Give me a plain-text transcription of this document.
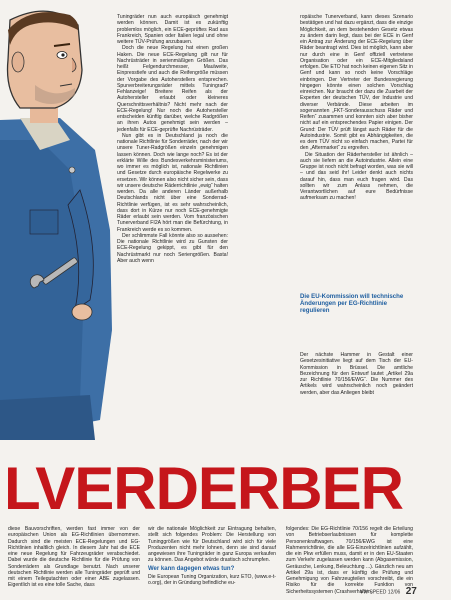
Tuningräder nun auch europäisch genehmigt werden können. Damit ist es zukünftig problemlos möglich, ein ECE-geprüftes Rad aus Frankreich, Spanien oder Italien legal und ohne weitere TÜV-Prüfung anzubauen.

Doch die neue Regelung hat einen großen Haken. Die neue ECE-Regelung gilt nur für Nachrüsträder in serienmäßigen Größen. Das heißt Felgendurchmesser, Maulweite, Einpresstiefe und auch die Reifengröße müssen der Vorgabe des Autoherstellers entsprechen. Spurverbreiterungsräder mittels Tuningrad? Fehlanzeige! Breitere Reifen als der Autohersteller erlaubt oder kleineres Querschnittsverhältnis? Nicht mehr nach der ECE-Regelung! Nur noch die Autohersteller entscheiden künftig darüber, welche Radgrößen an ihren Autos genehmigt sein werden – jedenfalls für ECE-geprüfte Nachrüsträder.

Nun gibt es in Deutschland ja noch die nationale Richtlinie für Sonderräder, nach der wir unsere Tuner-Radgrößen einzeln genehmigen lassen können. Doch wie lange noch? Es ist der erklärte Wille des Bundesverkehrsministeriums, wo immer es möglich ist, nationale Richtlinien und Gesetze durch europäische Regelwerke zu ersetzen. Wir können also nicht sicher sein, dass wir unsere deutsche Räderrichtlinie „ewig“ halten werden. Da alle anderen Länder außerhalb Deutschlands nicht über eine Sonderrad-Richtlinie verfügen, ist es sehr wahrscheinlich, dass dort in Kürze nur noch ECE-genehmigte Räder erlaubt sein werden. Vom französischen Tunerverband FI2A hört man die Befürchtung, in Frankreich werde es so kommen.

Der schlimmste Fall könnte also so aussehen: Die nationale Richtlinie wird zu Gunsten der ECE-Regelung gekippt, es gibt für den Nachrüstmarkt nur noch Seriengrößen. Basta! Aber auch wenn

ropäische Tunerverband, kann dieses Szenario bestätigen und hat dazu ergänzt, dass die einzige Möglichkeit, an dem bestehenden Gesetz etwas zu ändern darin liegt, dass bei der ECE in Genf ein Antrag zur Änderung der ECE-Regelung über Räder beantragt wird. Dies ist möglich, kann aber nur durch eine in Genf offiziell vertretene Organisation oder ein ECE-Mitgliedsland erfolgen. Die ETO hat noch keinen eigenen Sitz in Genf und kann so noch keine Vorschläge einbringen. Der Vertreter der Bundesregierung hingegen könnte einen solchen Vorschlag einreichen. Nur braucht der dazu die Zuarbeit der Experten der deutschen TÜV, der Industrie und diverser Verbände. Diese arbeiten im sogenannten „FKT-Sonderausschuss Räder und Reifen“ zusammen und konnten sich aber bisher nicht auf ein entsprechendes Papier einigen. Der Grund: Der TÜV prüft längst auch Räder für die Autoindustrie. Somit gibt es Abhängigkeiten, die es dem TÜV nicht so einfach machen, Partei für den „Aftermarket“ zu ergreifen.

Die Situation der Räderhersteller ist ähnlich – auch sie liefern an die Autoindustrie. Allein eine Gruppe ist noch nicht befragt worden, was sie will – und das seid ihr! Leider denkt auch nichts darauf hin, dass man euch fragen wird. Das sollten wir zum Anlass nehmen, die Verantwortlichen auf eure Bedürfnisse aufmerksam zu machen!

Die EU-Kommission will technische Änderungen per EG-Richtlinie regulieren

Der nächste Hammer in Gestalt einer Gesetzesinitiative liegt auf dem Tisch der EU-Kommission in Brüssel. Die amtliche Bezeichnung für den Entwurf lautet „Artikel 29a zur Richtlinie 70/156/EWG“. Die Nummer des Artikels wird wahrscheinlich noch geändert werden, aber das Anliegen bleibt

LVERDERBER

diese Bauvorschriften, werden fast immer von der europäischen Union als EG-Richtlinien übernommen. Dadurch sind die meisten ECE-Regelungen und EG-Richtlinien inhaltlich gleich. In diesem Jahr hat die ECE eine neue Regelung für Fahrzeugräder verabschiedet. Dabei wurde die deutsche Richtlinie für die Prüfung von Sonderrädern als Grundlage benutzt. Nach unserer deutschen Richtlinie werden alle Tuningräder geprüft und mit einem Teilegutachten oder einer ABE zugelassen. Eigentlich ist es eine tolle Sache, dass

wir die nationale Möglichkeit zur Eintragung behalten, stellt sich folgendes Problem: Die Herstellung von Tuninggrößen wie für Deutschland wird sich für viele Produzenten nicht mehr lohnen, denn sie sind darauf angewiesen ihre Tuningräder in ganz Europa verkaufen zu können. Das Angebot würde drastisch schrumpfen.

Wer kann dagegen etwas tun?

Die European Tuning Organization, kurz ETO, (www.e-t-o.org), der in Gründung befindliche eu-

folgendes: Die EG-Richtlinie 70/156 regelt die Erteilung von Betriebserlaubnissen für komplette Personenkraftwagen. 70/156/EWG ist eine Rahmenrichtlinie, die alle EG-Einzelrichtlinien aufzählt, die ein Pkw erfüllen muss, damit er in den EU-Staaten zum Verkehr zugelassen werden kann (Abgasemission, Geräusche, Lenkung, Beleuchtung ...). Gänzlich neu am Artikel 29a ist, dass er künftig die Prüfung und Genehmigung von Fahrzeugteilen vorschreibt, die ein Risiko für die korrekte Funktion von Sicherheitssystemen (Crashverhalten,

VW SPEED 12/06 27
